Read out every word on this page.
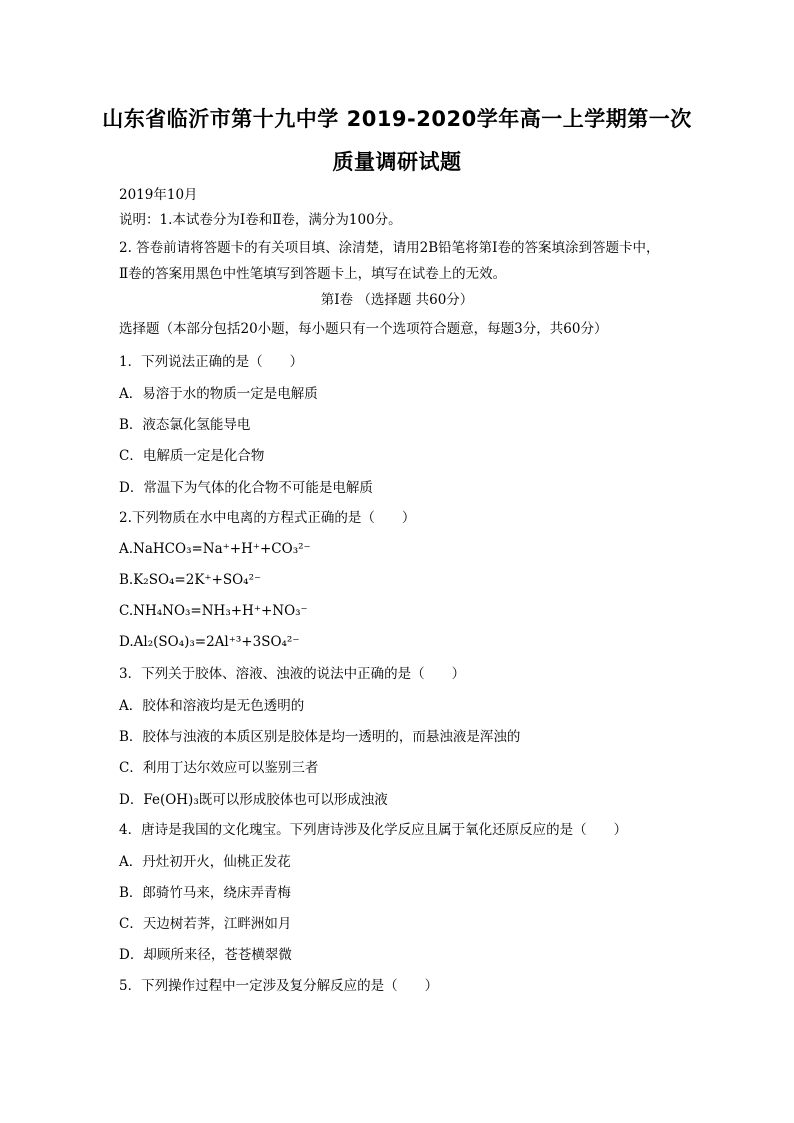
山东省临沂市第十九中学 2019-2020学年高一上学期第一次
质量调研试题
2019年10月
说明：1.本试卷分为Ⅰ卷和Ⅱ卷，满分为100分。
2. 答卷前请将答题卡的有关项目填、涂清楚，请用2B铅笔将第Ⅰ卷的答案填涂到答题卡中，
Ⅱ卷的答案用黑色中性笔填写到答题卡上，填写在试卷上的无效。
第Ⅰ卷 （选择题 共60分）
选择题（本部分包括20小题，每小题只有一个选项符合题意，每题3分，共60分）
1．下列说法正确的是（　　）
A．易溶于水的物质一定是电解质
B．液态氯化氢能导电
C．电解质一定是化合物
D．常温下为气体的化合物不可能是电解质
2.下列物质在水中电离的方程式正确的是（　　）
A.NaHCO₃=Na⁺+H⁺+CO₃²⁻
B.K₂SO₄=2K⁺+SO₄²⁻
C.NH₄NO₃=NH₃+H⁺+NO₃⁻
D.Al₂(SO₄)₃=2Al⁺³+3SO₄²⁻
3．下列关于胶体、溶液、浊液的说法中正确的是（　　）
A．胶体和溶液均是无色透明的
B．胶体与浊液的本质区别是胶体是均一透明的，而悬浊液是浑浊的
C．利用丁达尔效应可以鉴别三者
D．Fe(OH)₃既可以形成胶体也可以形成浊液
4．唐诗是我国的文化瑰宝。下列唐诗涉及化学反应且属于氧化还原反应的是（　　）
A．丹灶初开火，仙桃正发花
B．郎骑竹马来，绕床弄青梅
C．天边树若荠，江畔洲如月
D．却顾所来径，苍苍横翠微
5．下列操作过程中一定涉及复分解反应的是（　　）
